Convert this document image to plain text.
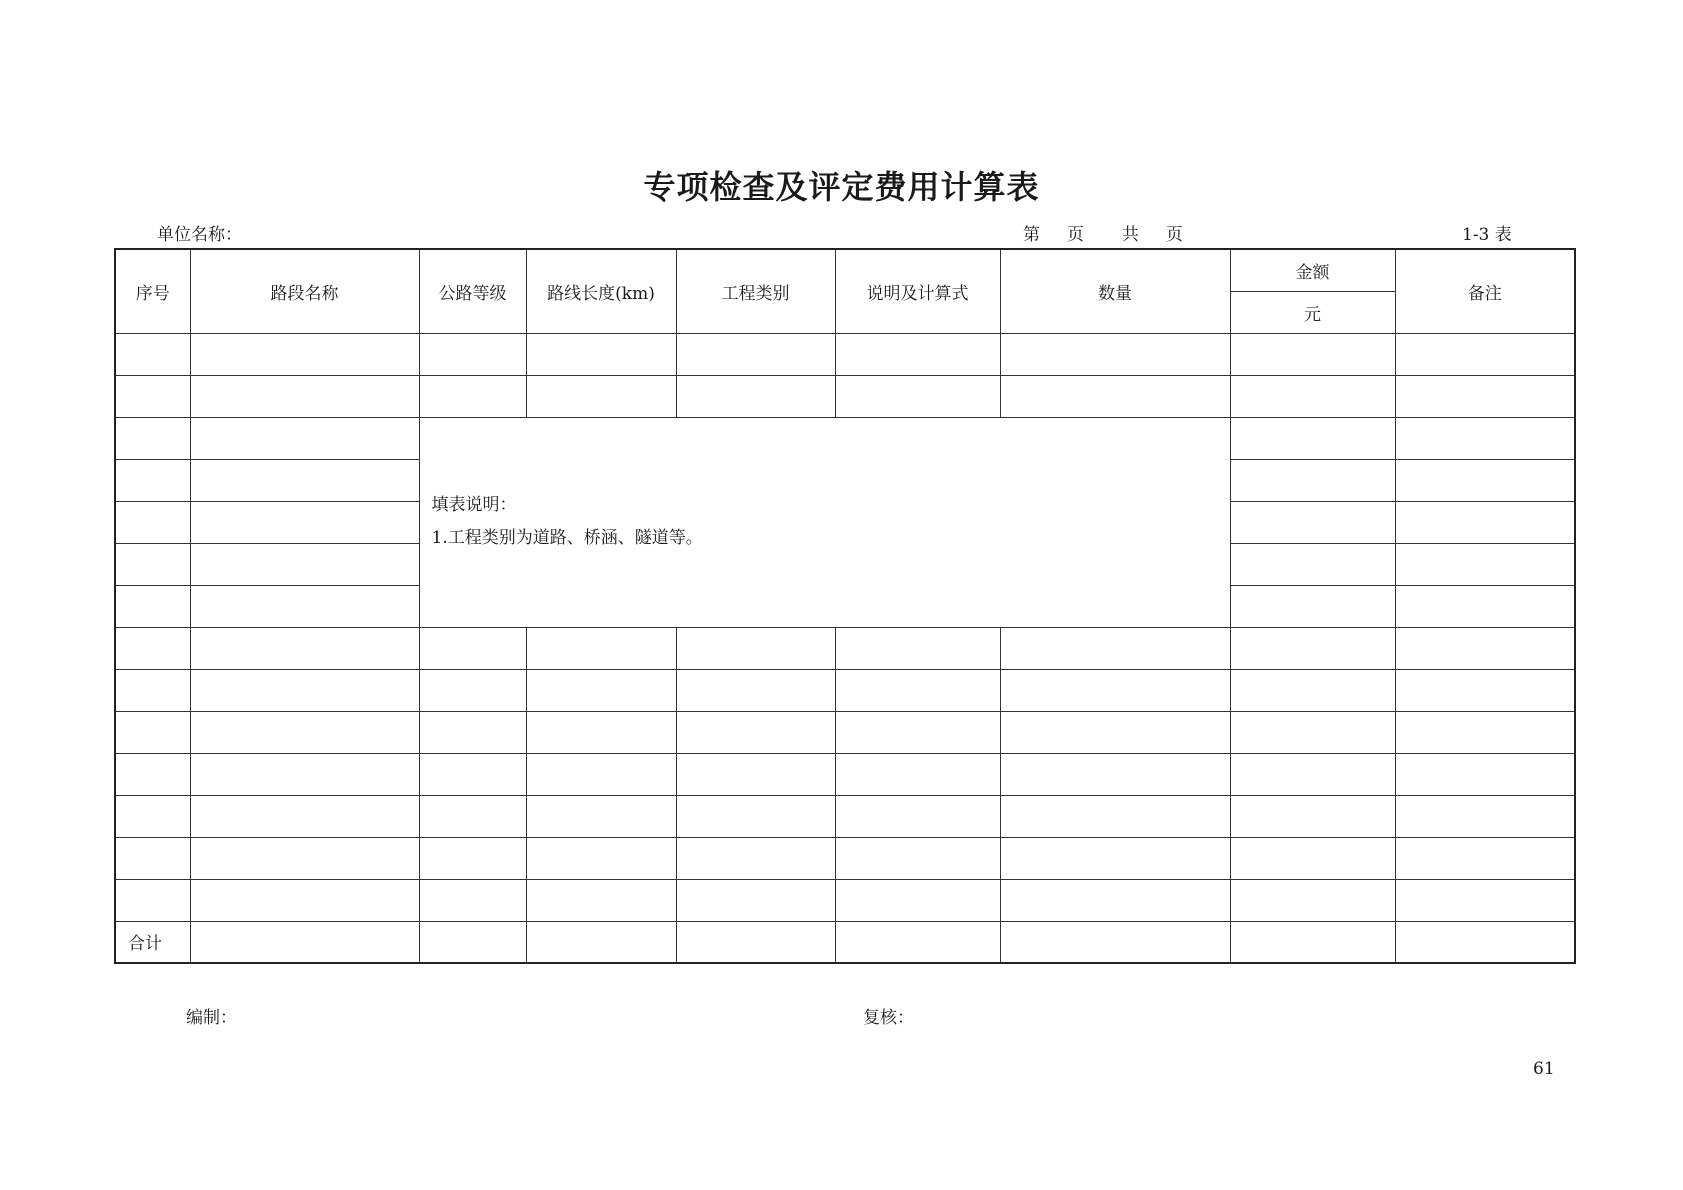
专项检查及评定费用计算表
单位名称：	第 页 共 页	1-3 表
序号	路段名称	公路等级	路线长度(km)	工程类别	说明及计算式	数量	金额	备注
							元	

		填表说明：
1.工程类别为道路、桥涵、隧道等。						

合计								
编制：	复核：
61
